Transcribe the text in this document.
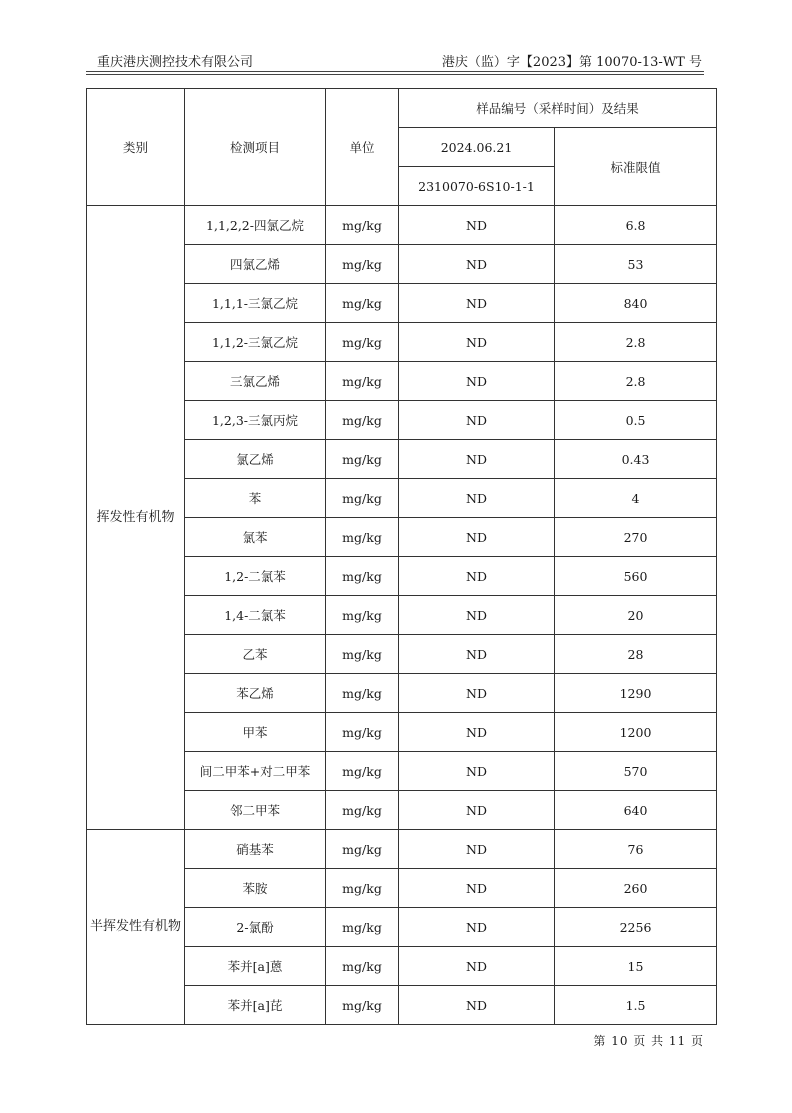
重庆港庆测控技术有限公司	港庆（监）字【2023】第 10070-13-WT 号
类别	检测项目	单位	样品编号（采样时间）及结果	
			2024.06.21	标准限值
			2310070-6S10-1-1	
挥发性有机物	1,1,2,2-四氯乙烷	mg/kg	ND	6.8
	四氯乙烯	mg/kg	ND	53
	1,1,1-三氯乙烷	mg/kg	ND	840
	1,1,2-三氯乙烷	mg/kg	ND	2.8
	三氯乙烯	mg/kg	ND	2.8
	1,2,3-三氯丙烷	mg/kg	ND	0.5
	氯乙烯	mg/kg	ND	0.43
	苯	mg/kg	ND	4
	氯苯	mg/kg	ND	270
	1,2-二氯苯	mg/kg	ND	560
	1,4-二氯苯	mg/kg	ND	20
	乙苯	mg/kg	ND	28
	苯乙烯	mg/kg	ND	1290
	甲苯	mg/kg	ND	1200
	间二甲苯+对二甲苯	mg/kg	ND	570
	邻二甲苯	mg/kg	ND	640
半挥发性有机物	硝基苯	mg/kg	ND	76
	苯胺	mg/kg	ND	260
	2-氯酚	mg/kg	ND	2256
	苯并[a]蒽	mg/kg	ND	15
	苯并[a]芘	mg/kg	ND	1.5
第 10 页 共 11 页
